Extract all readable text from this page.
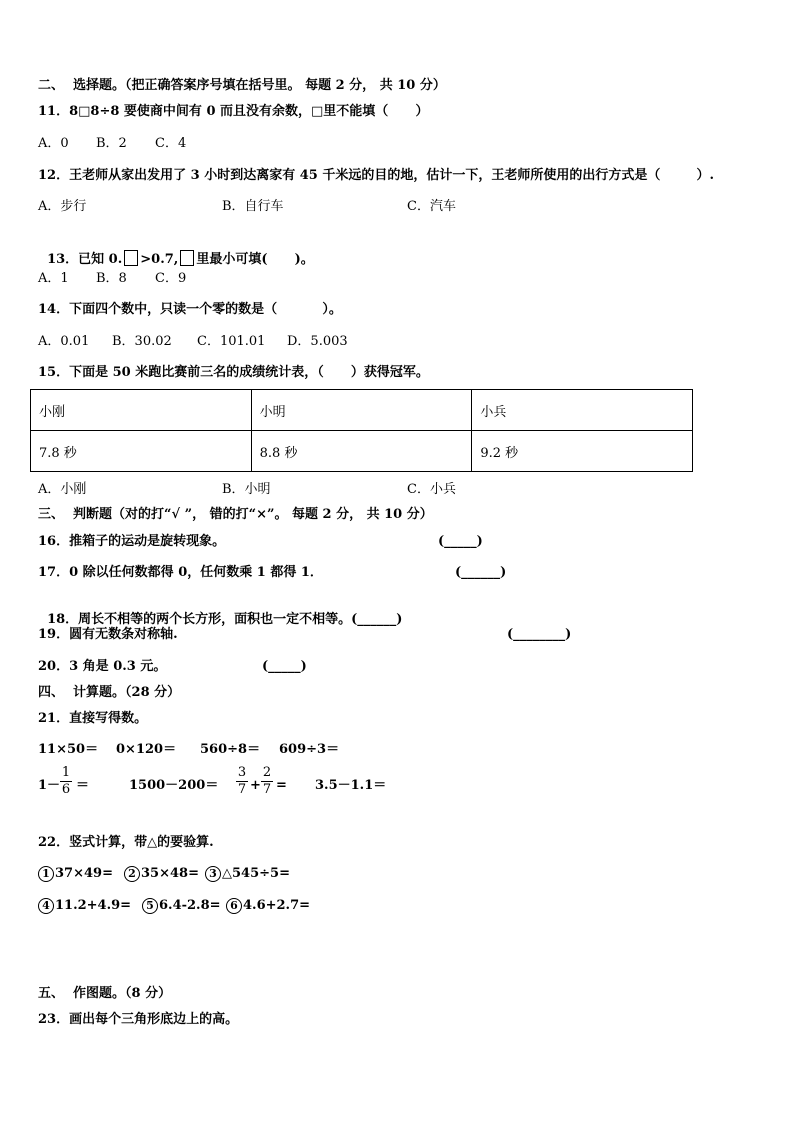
二、  选择题。（把正确答案序号填在括号里。 每题 2 分， 共 10 分）
11．8□8÷8 要使商中间有 0 而且没有余数，□里不能填（      ）
A．0 B．2 C．4
12．王老师从家出发用了 3 小时到达离家有 45 千米远的目的地，估计一下，王老师所使用的出行方式是（        ）.
A．步行	B．自行车	C．汽车

13．已知 0. >0.7, 里最小可填(      )。

A．1 B．8 C．9
14．下面四个数中，只读一个零的数是（          ）。
A．0.01 B．30.02 C．101.01 D．5.003
15．下面是 50 米跑比赛前三名的成绩统计表，（      ）获得冠军。
小刚	小明	小兵
7.8 秒	8.8 秒	9.2 秒
A．小刚	B．小明	C．小兵
三、  判断题（对的打“√ ”， 错的打“×”。 每题 2 分， 共 10 分）
16．推箱子的运动是旋转现象。	(_____)
17．0 除以任何数都得 0，任何数乘 1 都得 1．	(______)

18．周长不相等的两个长方形，面积也一定不相等。(______)

19．圆有无数条对称轴.	(________)
20．3 角是 0.3 元。	(_____)
四、  计算题。（28 分）
21．直接写得数。
11×50＝ 0×120＝ 560÷8＝ 609÷3＝
1－
1
6 ＝	1500－200＝
3
7 +
2
7 = 3.5－1.1＝
22．竖式计算，带△的要验算.
1 37×49=	2 35×48= 3 △545÷5=
4 11.2+4.9=	5 6.4-2.8= 6 4.6+2.7=
五、  作图题。（8 分）
23．画出每个三角形底边上的高。
